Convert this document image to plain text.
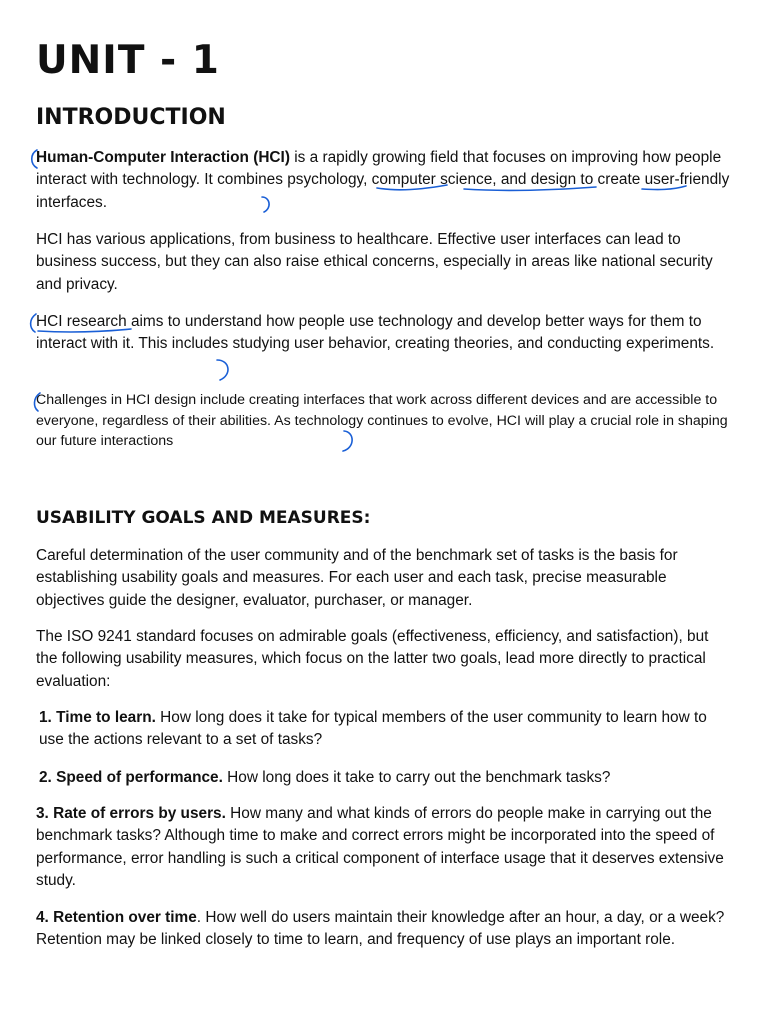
UNIT - 1
INTRODUCTION

Human-Computer Interaction (HCI) is a rapidly growing field that focuses on improving how people interact with technology. It combines psychology, computer science, and design to create user-friendly interfaces.

HCI has various applications, from business to healthcare. Effective user interfaces can lead to business success, but they can also raise ethical concerns, especially in areas like national security and privacy.

HCI research aims to understand how people use technology and develop better ways for them to interact with it. This includes studying user behavior, creating theories, and conducting experiments.

Challenges in HCI design include creating interfaces that work across different devices and are accessible to everyone, regardless of their abilities. As technology continues to evolve, HCI will play a crucial role in shaping our future interactions

USABILITY GOALS AND MEASURES:

Careful determination of the user community and of the benchmark set of tasks is the basis for establishing usability goals and measures. For each user and each task, precise measurable objectives guide the designer, evaluator, purchaser, or manager.

The ISO 9241 standard focuses on admirable goals (effectiveness, efficiency, and satisfaction), but the following usability measures, which focus on the latter two goals, lead more directly to practical evaluation:

1. Time to learn. How long does it take for typical members of the user community to learn how to use the actions relevant to a set of tasks?

2. Speed of performance. How long does it take to carry out the benchmark tasks?

3. Rate of errors by users. How many and what kinds of errors do people make in carrying out the benchmark tasks? Although time to make and correct errors might be incorporated into the speed of performance, error handling is such a critical component of interface usage that it deserves extensive study.

4. Retention over time. How well do users maintain their knowledge after an hour, a day, or a week? Retention may be linked closely to time to learn, and frequency of use plays an important role.
